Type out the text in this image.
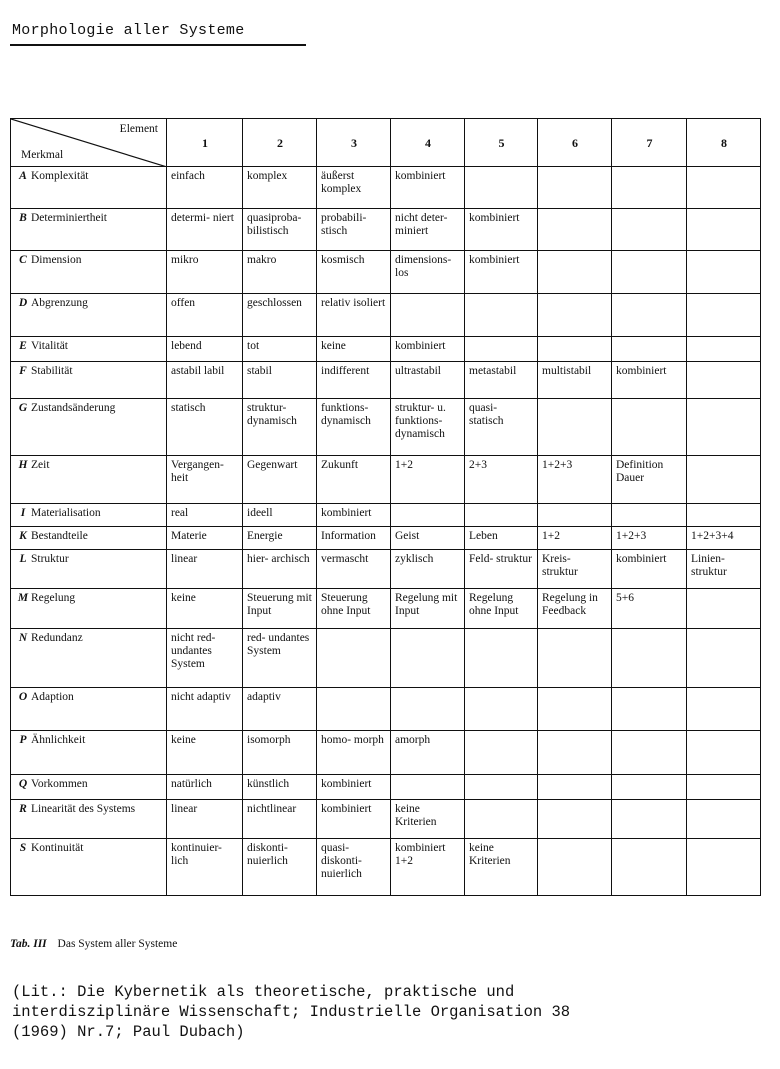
Morphologie aller Systeme
Element
Merkmal	1	2	3	4	5	6	7	8
A Komplexität	einfach	komplex	äußerst komplex	kombiniert				
B Determiniertheit	determi- niert	quasiproba- bilistisch	probabili- stisch	nicht deter- miniert	kombiniert			
C Dimension	mikro	makro	kosmisch	dimensions- los	kombiniert			
D Abgrenzung	offen	geschlossen	relativ isoliert					
E Vitalität	lebend	tot	keine	kombiniert				
F Stabilität	astabil labil	stabil	indifferent	ultrastabil	metastabil	multistabil	kombiniert	
G Zustandsänderung	statisch	struktur- dynamisch	funktions- dynamisch	struktur- u. funktions- dynamisch	quasi- statisch			
H Zeit	Vergangen- heit	Gegenwart	Zukunft	1+2	2+3	1+2+3	Definition Dauer	
I Materialisation	real	ideell	kombiniert					
K Bestandteile	Materie	Energie	Information	Geist	Leben	1+2	1+2+3	1+2+3+4
L Struktur	linear	hier- archisch	vermascht	zyklisch	Feld- struktur	Kreis- struktur	kombiniert	Linien- struktur
M Regelung	keine	Steuerung mit Input	Steuerung ohne Input	Regelung mit Input	Regelung ohne Input	Regelung in Feedback	5+6	
N Redundanz	nicht red- undantes System	red- undantes System						
O Adaption	nicht adaptiv	adaptiv						
P Ähnlichkeit	keine	isomorph	homo- morph	amorph				
Q Vorkommen	natürlich	künstlich	kombiniert					
R Linearität des Systems	linear	nichtlinear	kombiniert	keine Kriterien				
S Kontinuität	kontinuier- lich	diskonti- nuierlich	quasi- diskonti- nuierlich	kombiniert 1+2	keine Kriterien			
Tab. III Das System aller Systeme
(Lit.: Die Kybernetik als theoretische, praktische und
interdisziplinäre Wissenschaft; Industrielle Organisation 38
(1969) Nr.7; Paul Dubach)
